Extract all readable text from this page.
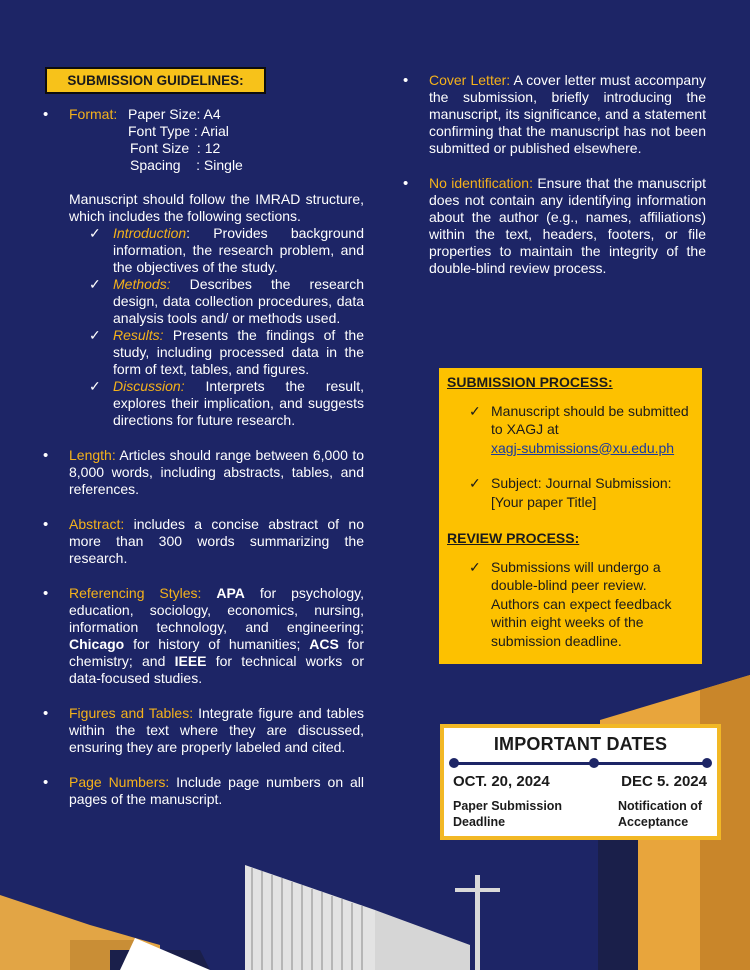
SUBMISSION GUIDELINES:
• Format: Paper Size: A4
Font Type : Arial
Font Size  : 12
Spacing    : Single
Manuscript should follow the IMRAD structure, which includes the following sections.
✓ Introduction: Provides background information, the research problem, and the objectives of the study.
✓ Methods: Describes the research design, data collection procedures, data analysis tools and/ or methods used.
✓ Results: Presents the findings of the study, including processed data in the form of text, tables, and figures.
✓ Discussion: Interprets the result, explores their implication, and suggests directions for future research.
• Length: Articles should range between 6,000 to 8,000 words, including abstracts, tables, and references.
• Abstract: includes a concise abstract of no more than 300 words summarizing the research.
• Referencing Styles: APA for psychology, education, sociology, economics, nursing, information technology, and engineering; Chicago for history of humanities; ACS for chemistry; and IEEE for technical works or data-focused studies.
• Figures and Tables: Integrate figure and tables within the text where they are discussed, ensuring they are properly labeled and cited.
• Page Numbers: Include page numbers on all pages of the manuscript.
• Cover Letter: A cover letter must accompany the submission, briefly introducing the manuscript, its significance, and a statement confirming that the manuscript has not been submitted or published elsewhere.
• No identification: Ensure that the manuscript does not contain any identifying information about the author (e.g., names, affiliations) within the text, headers, footers, or file properties to maintain the integrity of the double-blind review process.
SUBMISSION PROCESS:
✓ Manuscript should be submitted to XAGJ at
xagj-submissions@xu.edu.ph
✓ Subject: Journal Submission: [Your paper Title]
REVIEW PROCESS:
✓ Submissions will undergo a double-blind peer review. Authors can expect feedback within eight weeks of the submission deadline.
IMPORTANT DATES
OCT. 20, 2024	DEC 5. 2024
Paper Submission Deadline
Notification of Acceptance
